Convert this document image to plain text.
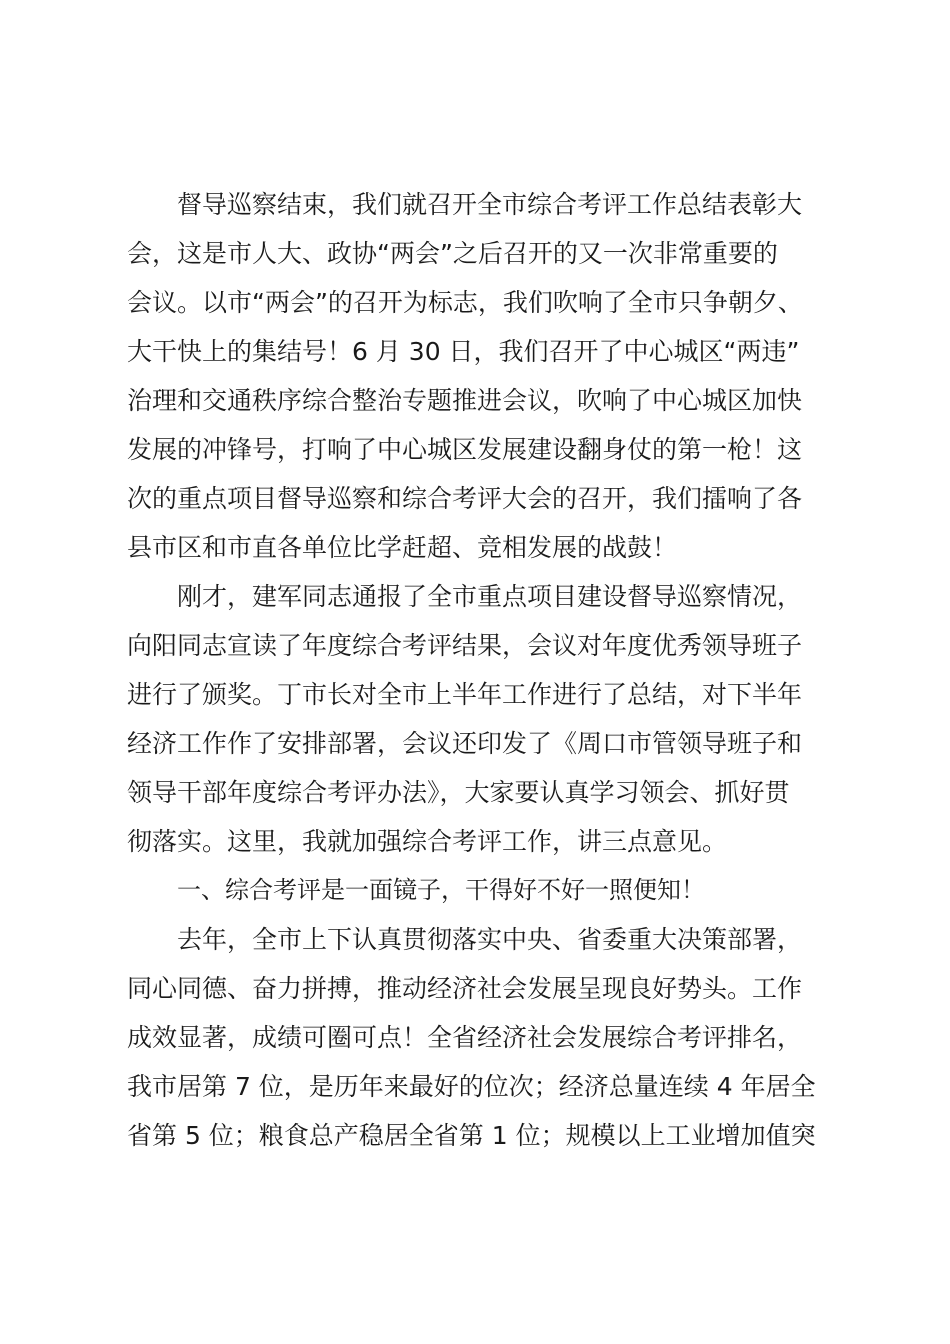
督导巡察结束，我们就召开全市综合考评工作总结表彰大
会，这是市人大、政协“两会”之后召开的又一次非常重要的
会议。以市“两会”的召开为标志，我们吹响了全市只争朝夕、
大干快上的集结号！6 月 30 日，我们召开了中心城区“两违”
治理和交通秩序综合整治专题推进会议，吹响了中心城区加快
发展的冲锋号，打响了中心城区发展建设翻身仗的第一枪！这
次的重点项目督导巡察和综合考评大会的召开，我们擂响了各
县市区和市直各单位比学赶超、竞相发展的战鼓！
刚才，建军同志通报了全市重点项目建设督导巡察情况，
向阳同志宣读了年度综合考评结果，会议对年度优秀领导班子
进行了颁奖。丁市长对全市上半年工作进行了总结，对下半年
经济工作作了安排部署，会议还印发了《周口市管领导班子和
领导干部年度综合考评办法》，大家要认真学习领会、抓好贯
彻落实。这里，我就加强综合考评工作，讲三点意见。
一、综合考评是一面镜子，干得好不好一照便知！
去年，全市上下认真贯彻落实中央、省委重大决策部署，
同心同德、奋力拼搏，推动经济社会发展呈现良好势头。工作
成效显著，成绩可圈可点！全省经济社会发展综合考评排名，
我市居第 7 位，是历年来最好的位次；经济总量连续 4 年居全
省第 5 位；粮食总产稳居全省第 1 位；规模以上工业增加值突
